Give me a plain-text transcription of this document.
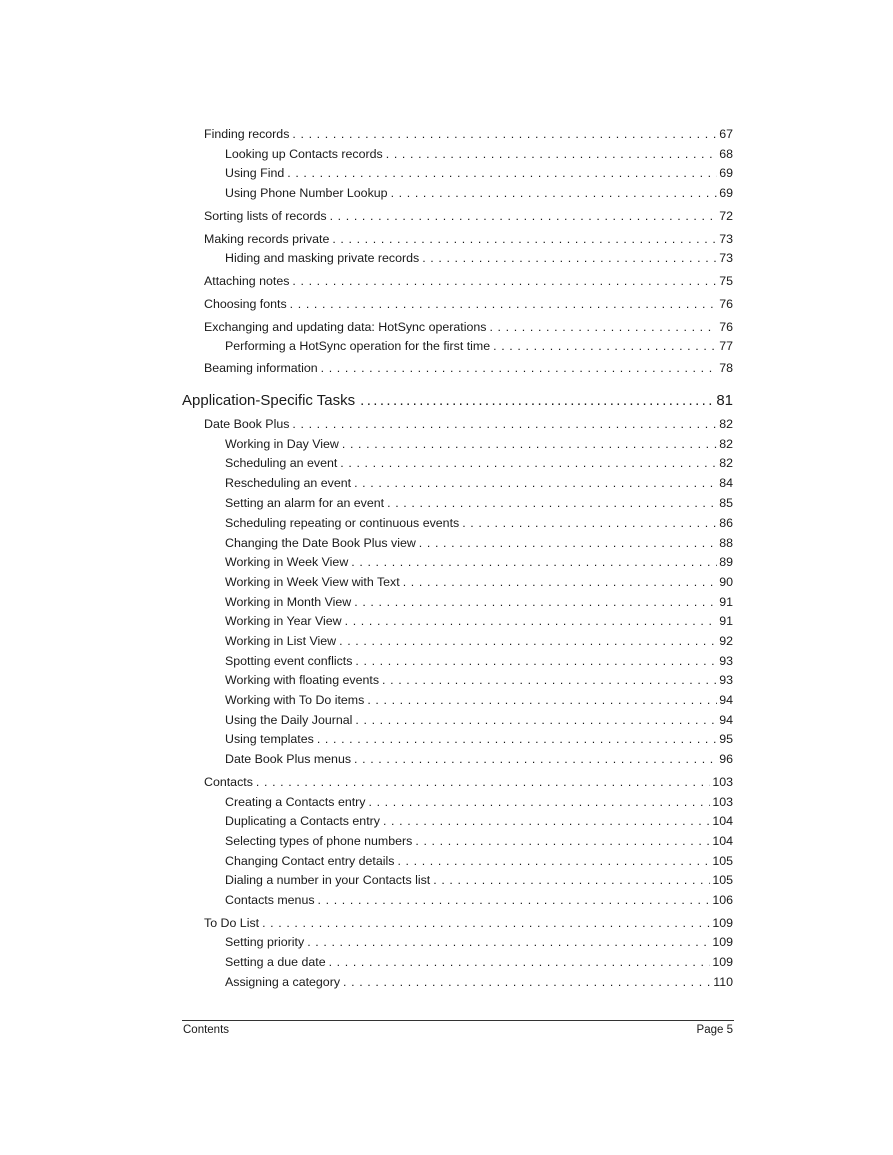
Finding records . . .	67
Looking up Contacts records . . .	68
Using Find . . .	69
Using Phone Number Lookup . . .	69
Sorting lists of records . . .	72
Making records private . . .	73
Hiding and masking private records . . .	73
Attaching notes . . .	75
Choosing fonts . . .	76
Exchanging and updating data: HotSync operations . . .	76
Performing a HotSync operation for the first time . . .	77
Beaming information . . .	78
Application-Specific Tasks .....	81
Date Book Plus . . .	82
Working in Day View . . .	82
Scheduling an event . . .	82
Rescheduling an event . . .	84
Setting an alarm for an event . . .	85
Scheduling repeating or continuous events . . .	86
Changing the Date Book Plus view . . .	88
Working in Week View . . .	89
Working in Week View with Text . . .	90
Working in Month View . . .	91
Working in Year View . . .	91
Working in List View . . .	92
Spotting event conflicts . . .	93
Working with floating events . . .	93
Working with To Do items . . .	94
Using the Daily Journal . . .	94
Using templates . . .	95
Date Book Plus menus . . .	96
Contacts . . .	103
Creating a Contacts entry . . .	103
Duplicating a Contacts entry . . .	104
Selecting types of phone numbers . . .	104
Changing Contact entry details . . .	105
Dialing a number in your Contacts list . . .	105
Contacts menus . . .	106
To Do List . . .	109
Setting priority . . .	109
Setting a due date . . .	109
Assigning a category . . .	110
Contents	Page 5
